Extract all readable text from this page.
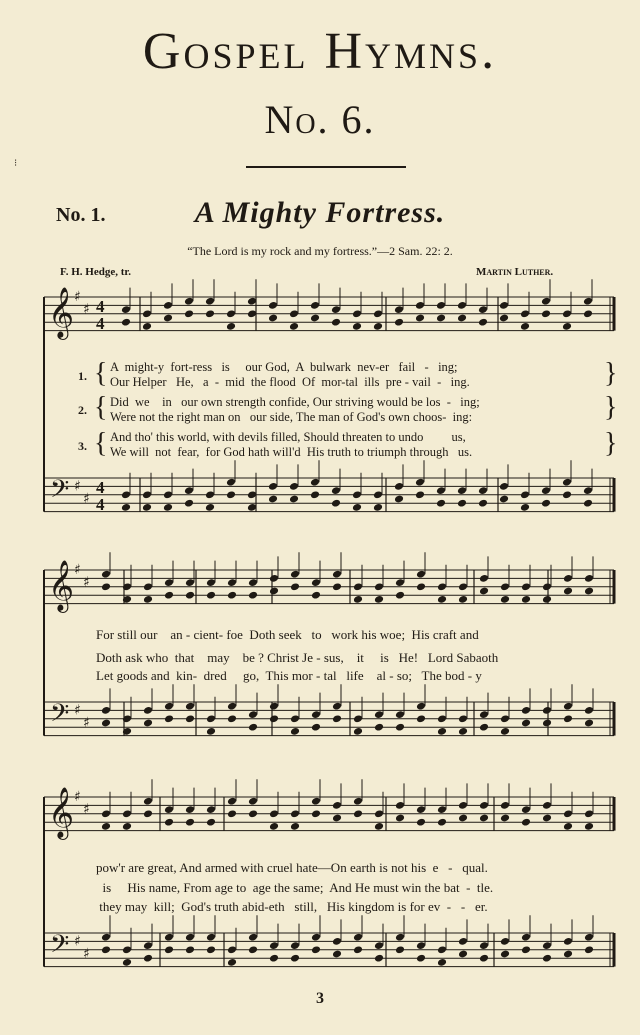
Gospel Hymns.
No. 6.
⁝
No. 1.	A Mighty Fortress.
“The Lord is my rock and my fortress.”—2 Sam. 22: 2.
F. H. Hedge, tr.	Martin Luther.
𝄞
𝄢
♯
♯
♯
♯
4
4
4
4
𝄞
𝄢
♯
♯
♯
♯
𝄞
𝄢
♯
♯
♯
♯
1. { A  might-y  fort-ress   is     our God,  A  bulwark  nev-er   fail   -   ing;
Our Helper   He,   a  -  mid  the flood  Of  mor-tal  ills  pre - vail  -   ing.	}
2. { Did  we    in   our own strength confide, Our striving would be los  -   ing;
Were not the right man on   our side, The man of God's own choos-  ing:	}
3. { And tho' this world, with devils filled, Should threaten to undo         us,
We will  not  fear,  for God hath will'd  His truth to triumph through   us.	}
For still our    an - cient- foe  Doth seek   to   work his woe;  His craft and
Doth ask who  that    may    be ? Christ Je - sus,    it     is   He!   Lord Sabaoth
Let goods and  kin-  dred     go,  This mor - tal   life    al - so;   The bod - y
pow'r are great, And armed with cruel hate—On earth is not his  e   -   qual.
is     His name, From age to  age the same;  And He must win the bat  -  tle.
they may  kill;  God's truth abid-eth   still,   His kingdom is for ev  -   -   er.
3
